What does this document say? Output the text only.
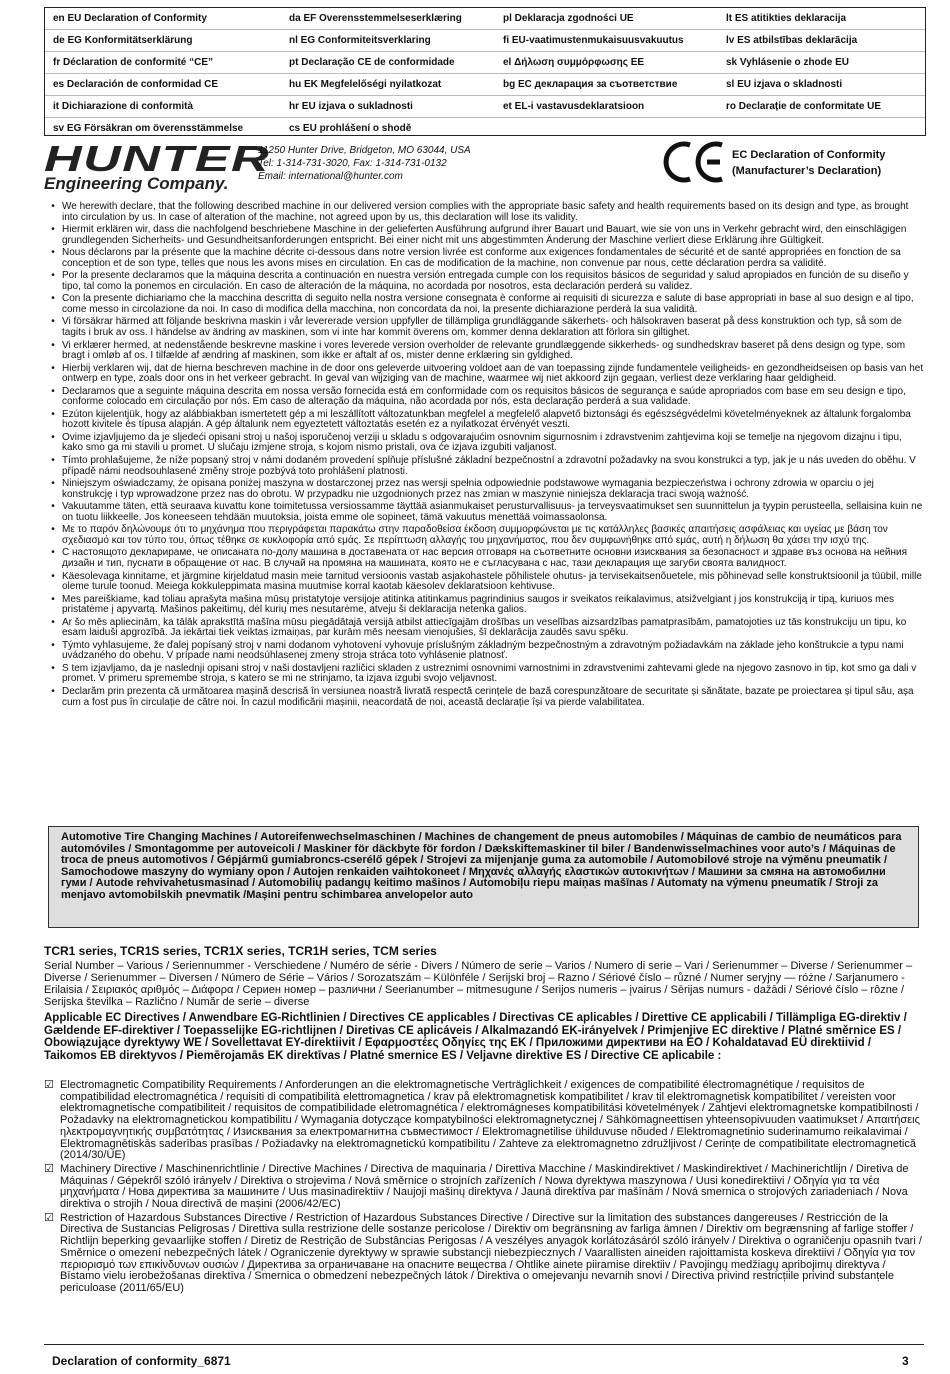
en EU Declaration of Conformity	da EF Overensstemmelseserklæring	pl Deklaracja zgodności UE	lt ES atitikties deklaracija
de EG Konformitätserklärung	nl EG Conformiteitsverklaring	fi EU-vaatimustenmukaisuusvakuutus	lv ES atbilstības deklarācija
fr Déclaration de conformité “CE”	pt Declaração CE de conformidade	el Δήλωση συμμόρφωσης ΕΕ	sk Vyhlásenie o zhode EÚ
es Declaración de conformidad CE	hu EK Megfelelőségi nyilatkozat	bg EC декларация за съответствие	sl EU izjava o skladnosti
it Dichiarazione di conformità	hr EU izjava o sukladnosti	et EL-i vastavusdeklaratsioon	ro Declarație de conformitate UE
sv EG Försäkran om överensstämmelse	cs EU prohlášení o shodě
HUNTER
Engineering Company.
11250 Hunter Drive, Bridgeton, MO 63044, USA
Tel: 1-314-731-3020, Fax: 1-314-731-0132
Email: international@hunter.com
EC Declaration of Conformity
(Manufacturer’s Declaration)
• We herewith declare, that the following described machine in our delivered version complies with the appropriate basic safety and health requirements based on its design and type, as brought into circulation by us. In case of alteration of the machine, not agreed upon by us, this declaration will lose its validity.
• Hiermit erklären wir, dass die nachfolgend beschriebene Maschine in der gelieferten Ausführung aufgrund ihrer Bauart und Bauart, wie sie von uns in Verkehr gebracht wird, den einschlägigen grundlegenden Sicherheits- und Gesundheitsanforderungen entspricht. Bei einer nicht mit uns abgestimmten Änderung der Maschine verliert diese Erklärung ihre Gültigkeit.
• Nous déclarons par la présente que la machine décrite ci-dessous dans notre version livrée est conforme aux exigences fondamentales de sécurité et de santé appropriées en fonction de sa conception et de son type, telles que nous les avons mises en circulation. En cas de modification de la machine, non convenue par nous, cette déclaration perdra sa validité.
• Por la presente declaramos que la máquina descrita a continuación en nuestra versión entregada cumple con los requisitos básicos de seguridad y salud apropiados en función de su diseño y tipo, tal como la ponemos en circulación. En caso de alteración de la máquina, no acordada por nosotros, esta declaración perderá su validez.
• Con la presente dichiariamo che la macchina descritta di seguito nella nostra versione consegnata è conforme ai requisiti di sicurezza e salute di base appropriati in base al suo design e al tipo, come messo in circolazione da noi. In caso di modifica della macchina, non concordata da noi, la presente dichiarazione perderà la sua validità.
• Vi försäkrar härmed att följande beskrivna maskin i vår levererade version uppfyller de tillämpliga grundläggande säkerhets- och hälsokraven baserat på dess konstruktion och typ, så som de tagits i bruk av oss. I händelse av ändring av maskinen, som vi inte har kommit överens om, kommer denna deklaration att förlora sin giltighet.
• Vi erklærer hermed, at nedenstående beskrevne maskine i vores leverede version overholder de relevante grundlæggende sikkerheds- og sundhedskrav baseret på dens design og type, som bragt i omløb af os. I tilfælde af ændring af maskinen, som ikke er aftalt af os, mister denne erklæring sin gyldighed.
• Hierbij verklaren wij, dat de hierna beschreven machine in de door ons geleverde uitvoering voldoet aan de van toepassing zijnde fundamentele veiligheids- en gezondheidseisen op basis van het ontwerp en type, zoals door ons in het verkeer gebracht. In geval van wijziging van de machine, waarmee wij niet akkoord zijn gegaan, verliest deze verklaring haar geldigheid.
• Declaramos que a seguinte máquina descrita em nossa versão fornecida está em conformidade com os requisitos básicos de segurança e saúde apropriados com base em seu design e tipo, conforme colocado em circulação por nós. Em caso de alteração da máquina, não acordada por nós, esta declaração perderá a sua validade.
• Ezúton kijelentjük, hogy az alábbiakban ismertetett gép a mi leszállított változatunkban megfelel a megfelelő alapvető biztonsági és egészségvédelmi követelményeknek az általunk forgalomba hozott kivitele és típusa alapján. A gép általunk nem egyeztetett változtatás esetén ez a nyilatkozat érvényét veszti.
• Ovime izjavljujemo da je sljedeći opisani stroj u našoj isporučenoj verziji u skladu s odgovarajućim osnovnim sigurnosnim i zdravstvenim zahtjevima koji se temelje na njegovom dizajnu i tipu, kako smo ga mi stavili u promet. U slučaju izmjene stroja, s kojom nismo pristali, ova će izjava izgubiti valjanost.
• Tímto prohlašujeme, že níže popsaný stroj v námi dodaném provedení splňuje příslušné základní bezpečnostní a zdravotní požadavky na svou konstrukci a typ, jak je u nás uveden do oběhu. V případě námi neodsouhlasené změny stroje pozbývá toto prohlášení platnosti.
• Niniejszym oświadczamy, że opisana poniżej maszyna w dostarczonej przez nas wersji spełnia odpowiednie podstawowe wymagania bezpieczeństwa i ochrony zdrowia w oparciu o jej konstrukcję i typ wprowadzone przez nas do obrotu. W przypadku nie uzgodnionych przez nas zmian w maszynie niniejsza deklaracja traci swoją ważność.
• Vakuutamme täten, että seuraava kuvattu kone toimitetussa versiossamme täyttää asianmukaiset perusturvallisuus- ja terveysvaatimukset sen suunnittelun ja tyypin perusteella, sellaisina kuin ne on tuotu liikkeelle. Jos koneeseen tehdään muutoksia, joista emme ole sopineet, tämä vakuutus menettää voimassaolonsa.
• Με το παρόν δηλώνουμε ότι το μηχάνημα που περιγράφεται παρακάτω στην παραδοθείσα έκδοση συμμορφώνεται με τις κατάλληλες βασικές απαιτήσεις ασφάλειας και υγείας με βάση τον σχεδιασμό και τον τύπο του, όπως τέθηκε σε κυκλοφορία από εμάς. Σε περίπτωση αλλαγής του μηχανήματος, που δεν συμφωνήθηκε από εμάς, αυτή η δήλωση θα χάσει την ισχύ της.
• С настоящото декларираме, че описаната по-долу машина в доставената от нас версия отговаря на съответните основни изисквания за безопасност и здраве въз основа на нейния дизайн и тип, пуснати в обращение от нас. В случай на промяна на машината, която не е съгласувана с нас, тази декларация ще загуби своята валидност.
• Käesolevaga kinnitame, et järgmine kirjeldatud masin meie tarnitud versioonis vastab asjakohastele põhilistele ohutus- ja tervisekaitsenõuetele, mis põhinevad selle konstruktsioonil ja tüübil, mille oleme turule toonud. Meiega kokkuleppimata masina muutmise korral kaotab käesolev deklaratsioon kehtivuse.
• Mes pareiškiame, kad toliau aprašyta mašina mūsų pristatytoje versijoje atitinka atitinkamus pagrindinius saugos ir sveikatos reikalavimus, atsižvelgiant į jos konstrukciją ir tipą, kuriuos mes pristatėme į apyvartą. Mašinos pakeitimų, dėl kurių mes nesutarėme, atveju ši deklaracija netenka galios.
• Ar šo mēs apliecinām, ka tālāk aprakstītā mašīna mūsu piegādātajā versijā atbilst attiecīgajām drošības un veselības aizsardzības pamatprasībām, pamatojoties uz tās konstrukciju un tipu, ko esam laiduši apgrozībā. Ja iekārtai tiek veiktas izmaiņas, par kurām mēs neesam vienojušies, šī deklarācija zaudēs savu spēku.
• Týmto vyhlasujeme, že ďalej popísaný stroj v nami dodanom vyhotovení vyhovuje príslušným základným bezpečnostným a zdravotným požiadavkám na základe jeho konštrukcie a typu nami uvádzaného do obehu. V prípade nami neodsúhlasenej zmeny stroja stráca toto vyhlásenie platnosť.
• S tem izjavljamo, da je naslednji opisani stroj v naši dostavljeni različici skladen z ustreznimi osnovnimi varnostnimi in zdravstvenimi zahtevami glede na njegovo zasnovo in tip, kot smo ga dali v promet. V primeru spremembe stroja, s katero se mi ne strinjamo, ta izjava izgubi svojo veljavnost.
• Declarăm prin prezenta că următoarea mașină descrisă în versiunea noastră livrată respectă cerințele de bază corespunzătoare de securitate și sănătate, bazate pe proiectarea și tipul său, așa cum a fost pus în circulație de către noi. În cazul modificării mașinii, neacordată de noi, această declarație își va pierde valabilitatea.
Automotive Tire Changing Machines / Autoreifenwechselmaschinen / Machines de changement de pneus automobiles / Máquinas de cambio de neumáticos para automóviles / Smontagomme per autoveicoli / Maskiner för däckbyte för fordon / Dækskiftemaskiner til biler / Bandenwisselmachines voor auto’s / Máquinas de troca de pneus automotivos / Gépjármű gumiabroncs-cserélő gépek / Strojevi za mijenjanje guma za automobile / Automobilové stroje na výměnu pneumatik / Samochodowe maszyny do wymiany opon / Autojen renkaiden vaihtokoneet / Μηχανές αλλαγής ελαστικών αυτοκινήτων / Машини за смяна на автомобилни гуми / Autode rehvivahetusmasinad / Automobilių padangų keitimo mašinos / Automobiļu riepu maiņas mašīnas / Automaty na výmenu pneumatík / Stroji za menjavo avtomobilskih pnevmatik /Mașini pentru schimbarea anvelopelor auto
TCR1 series, TCR1S series, TCR1X series, TCR1H series, TCM series
Serial Number – Various / Seriennummer - Verschiedene / Numéro de série - Divers / Número de serie – Varios / Numero di serie – Vari / Serienummer – Diverse / Serienummer – Diverse / Serienummer – Diversen / Número de Série – Vários / Sorozatszám – Különféle / Serijski broj – Razno / Sériové číslo – různé / Numer seryjny — różne / Sarjanumero - Erilaisia / Σειριακός αριθμός – Διάφορα / Сериен номер – различни / Seerianumber – mitmesugune / Serijos numeris – įvairus / Sērijas numurs - dažādi / Sériové číslo – rôzne / Serijska številka – Različno / Număr de serie – diverse
Applicable EC Directives / Anwendbare EG-Richtlinien / Directives CE applicables / Directivas CE aplicables / Direttive CE applicabili / Tillämpliga EG-direktiv / Gældende EF-direktiver / Toepasselijke EG-richtlijnen / Diretivas CE aplicáveis / Alkalmazandó EK-irányelvek / Primjenjive EC direktive / Platné směrnice ES / Obowiązujące dyrektywy WE / Sovellettavat EY-direktiivit / Εφαρμοστέες Οδηγίες της ΕΚ / Приложими директиви на ЕО / Kohaldatavad EÜ direktiivid / Taikomos EB direktyvos / Piemērojamās EK direktīvas / Platné smernice ES / Veljavne direktive ES / Directive CE aplicabile :
☑ Electromagnetic Compatibility Requirements / Anforderungen an die elektromagnetische Verträglichkeit / exigences de compatibilité électromagnétique / requisitos de compatibilidad electromagnética / requisiti di compatibilità elettromagnetica / krav på elektromagnetisk kompatibilitet / krav til elektromagnetisk kompatibilitet / vereisten voor elektromagnetische compatibiliteit / requisitos de compatibilidade eletromagnética / elektromágneses kompatibilitási követelmények / Zahtjevi elektromagnetske kompatibilnosti / Požadavky na elektromagnetickou kompatibilitu / Wymagania dotyczące kompatybilności elektromagnetycznej / Sähkömagneettisen yhteensopivuuden vaatimukset / Απαιτήσεις ηλεκτρομαγνητικής συμβατότητας / Изисквания за електромагнитна съвместимост / Elektromagnetilise ühilduvuse nõuded / Elektromagnetinio suderinamumo reikalavimai / Elektromagnētiskās saderības prasības / Požiadavky na elektromagnetickú kompatibilitu / Zahteve za elektromagnetno združljivost / Cerințe de compatibilitate electromagnetică (2014/30/UE)
☑ Machinery Directive / Maschinenrichtlinie / Directive Machines / Directiva de maquinaria / Direttiva Macchine / Maskindirektivet / Maskindirektivet / Machinerichtlijn / Diretiva de Máquinas / Gépekről szóló irányelv / Direktiva o strojevima / Nová směrnice o strojních zařízeních / Nowa dyrektywa maszynowa / Uusi konedirektiivi / Οδηγία για τα νέα μηχανήματα / Нова директива за машините / Uus masinadirektiiv / Naujoji mašinų direktyva / Jaunā direktīva par mašīnām / Nová smernica o strojových zariadeniach / Nova direktiva o strojih / Noua directivă de mașini (2006/42/EC)
☑ Restriction of Hazardous Substances Directive / Restriction of Hazardous Substances Directive / Directive sur la limitation des substances dangereuses / Restricción de la Directiva de Sustancias Peligrosas / Direttiva sulla restrizione delle sostanze pericolose / Direktiv om begränsning av farliga ämnen / Direktiv om begrænsning af farlige stoffer / Richtlijn beperking gevaarlijke stoffen / Diretiz de Restrição de Substâncias Perigosas / A veszélyes anyagok korlátozásáról szóló irányelv / Direktiva o ograničenju opasnih tvari / Směrnice o omezení nebezpečných látek / Ograniczenie dyrektywy w sprawie substancji niebezpiecznych / Vaarallisten aineiden rajoittamista koskeva direktiivi / Οδηγία για τον περιορισμό των επικίνδυνων ουσιών / Директива за ограничаване на опасните вещества / Ohtlike ainete piiramise direktiiv / Pavojingų medžiagų apribojimų direktyva / Bīstamo vielu ierobežošanas direktīva / Smernica o obmedzení nebezpečných látok / Direktiva o omejevanju nevarnih snovi / Directiva privind restricțiile privind substanțele periculoase (2011/65/EU)
Declaration of conformity_6871	3
